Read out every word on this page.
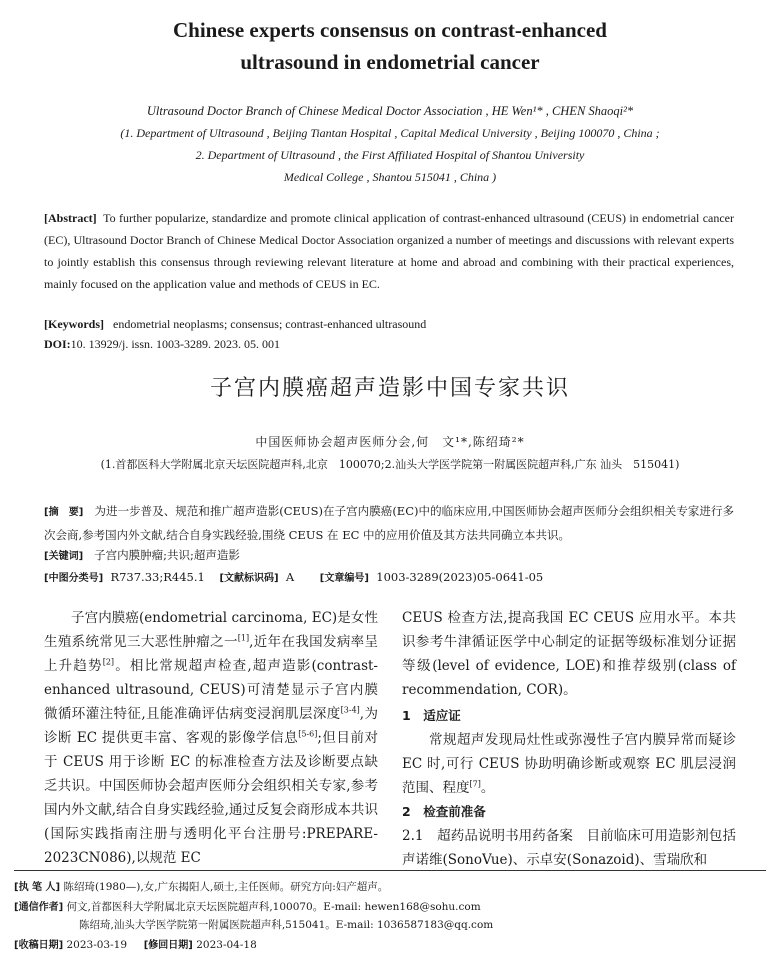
Chinese experts consensus on contrast-enhanced
ultrasound in endometrial cancer
Ultrasound Doctor Branch of Chinese Medical Doctor Association , HE Wen¹* , CHEN Shaoqi²*
(1. Department of Ultrasound , Beijing Tiantan Hospital , Capital Medical University , Beijing 100070 , China ;
2. Department of Ultrasound , the First Affiliated Hospital of Shantou University
Medical College , Shantou 515041 , China )
[Abstract] To further popularize, standardize and promote clinical application of contrast-enhanced ultrasound (CEUS) in endometrial cancer (EC), Ultrasound Doctor Branch of Chinese Medical Doctor Association organized a number of meetings and discussions with relevant experts to jointly establish this consensus through reviewing relevant literature at home and abroad and combining with their practical experiences, mainly focused on the application value and methods of CEUS in EC.
[Keywords] endometrial neoplasms; consensus; contrast-enhanced ultrasound
DOI:10. 13929/j. issn. 1003-3289. 2023. 05. 001
子宫内膜癌超声造影中国专家共识
中国医师协会超声医师分会,何　文¹*,陈绍琦²*
(1.首都医科大学附属北京天坛医院超声科,北京　100070;2.汕头大学医学院第一附属医院超声科,广东 汕头　515041)
[摘　要] 为进一步普及、规范和推广超声造影(CEUS)在子宫内膜癌(EC)中的临床应用,中国医师协会超声医师分会组织相关专家进行多次会商,参考国内外文献,结合自身实践经验,围绕 CEUS 在 EC 中的应用价值及其方法共同确立本共识。
[关键词] 子宫内膜肿瘤;共识;超声造影
[中图分类号] R737.33;R445.1 [文献标识码] A	[文章编号] 1003-3289(2023)05-0641-05

子宫内膜癌(endometrial carcinoma, EC)是女性生殖系统常见三大恶性肿瘤之一[1],近年在我国发病率呈上升趋势[2]。相比常规超声检查,超声造影(contrast-enhanced ultrasound, CEUS)可清楚显示子宫内膜微循环灌注特征,且能准确评估病变浸润肌层深度[3-4],为诊断 EC 提供更丰富、客观的影像学信息[5-6];但目前对于 CEUS 用于诊断 EC 的标准检查方法及诊断要点缺乏共识。中国医师协会超声医师分会组织相关专家,参考国内外文献,结合自身实践经验,通过反复会商形成本共识(国际实践指南注册与透明化平台注册号:PREPARE-2023CN086),以规范 EC

CEUS 检查方法,提高我国 EC CEUS 应用水平。本共识参考牛津循证医学中心制定的证据等级标准划分证据等级(level of evidence, LOE)和推荐级别(class of recommendation, COR)。

1　适应证

常规超声发现局灶性或弥漫性子宫内膜异常而疑诊 EC 时,可行 CEUS 协助明确诊断或观察 EC 肌层浸润范围、程度[7]。

2　检查前准备

2.1　超药品说明书用药备案　目前临床可用造影剂包括声诺维(SonoVue)、示卓安(Sonazoid)、雪瑞欣和

[执 笔 人] 陈绍琦(1980—),女,广东揭阳人,硕士,主任医师。研究方向:妇产超声。
[通信作者] 何文,首都医科大学附属北京天坛医院超声科,100070。E-mail: hewen168@sohu.com
陈绍琦,汕头大学医学院第一附属医院超声科,515041。E-mail: 1036587183@qq.com
[收稿日期] 2023-03-19 [修回日期] 2023-04-18
